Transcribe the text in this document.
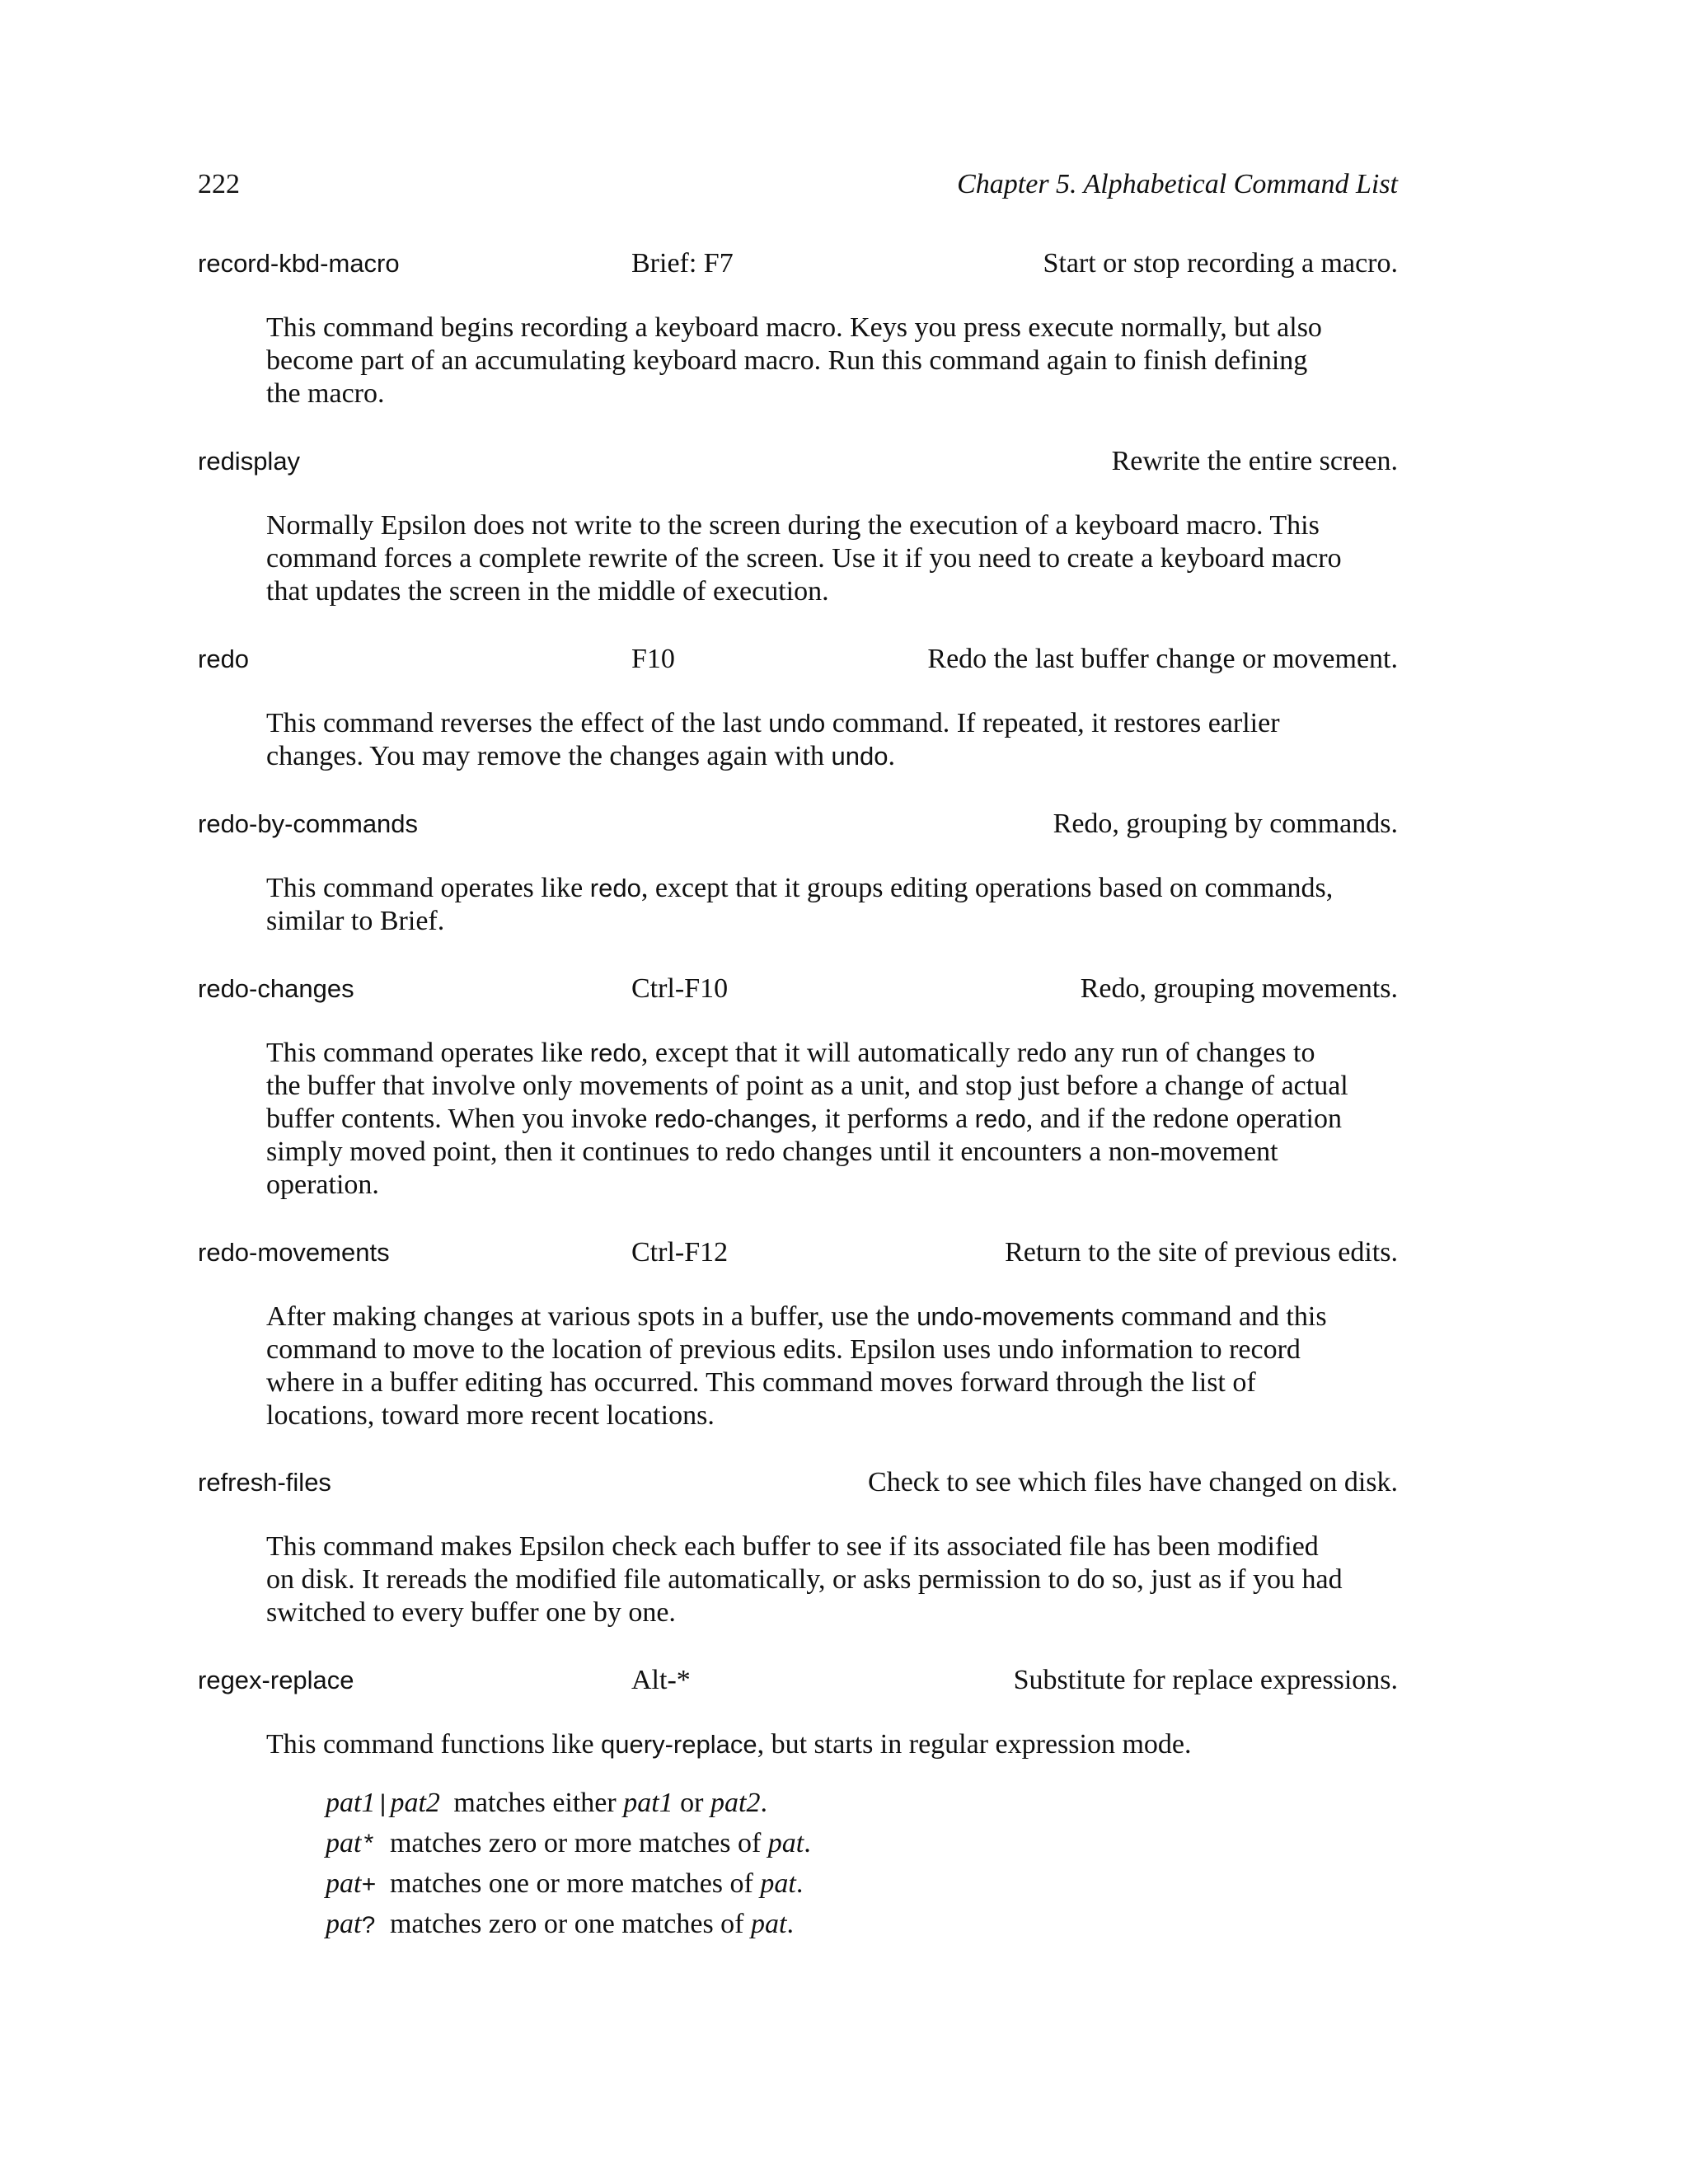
222	Chapter 5. Alphabetical Command List
record-kbd-macro	Brief: F7	Start or stop recording a macro.
This command begins recording a keyboard macro. Keys you press execute normally, but also
become part of an accumulating keyboard macro. Run this command again to finish defining
the macro.
redisplay	Rewrite the entire screen.
Normally Epsilon does not write to the screen during the execution of a keyboard macro. This
command forces a complete rewrite of the screen. Use it if you need to create a keyboard macro
that updates the screen in the middle of execution.
redo	F10	Redo the last buffer change or movement.
This command reverses the effect of the last undo command. If repeated, it restores earlier
changes. You may remove the changes again with undo.
redo-by-commands	Redo, grouping by commands.
This command operates like redo, except that it groups editing operations based on commands,
similar to Brief.
redo-changes	Ctrl-F10	Redo, grouping movements.
This command operates like redo, except that it will automatically redo any run of changes to
the buffer that involve only movements of point as a unit, and stop just before a change of actual
buffer contents. When you invoke redo-changes, it performs a redo, and if the redone operation
simply moved point, then it continues to redo changes until it encounters a non-movement
operation.
redo-movements	Ctrl-F12	Return to the site of previous edits.
After making changes at various spots in a buffer, use the undo-movements command and this
command to move to the location of previous edits. Epsilon uses undo information to record
where in a buffer editing has occurred. This command moves forward through the list of
locations, toward more recent locations.
refresh-files	Check to see which files have changed on disk.
This command makes Epsilon check each buffer to see if its associated file has been modified
on disk. It rereads the modified file automatically, or asks permission to do so, just as if you had
switched to every buffer one by one.
regex-replace	Alt-*	Substitute for replace expressions.
This command functions like query-replace, but starts in regular expression mode.
pat1|pat2 matches either pat1 or pat2.
pat* matches zero or more matches of pat.
pat+ matches one or more matches of pat.
pat? matches zero or one matches of pat.
